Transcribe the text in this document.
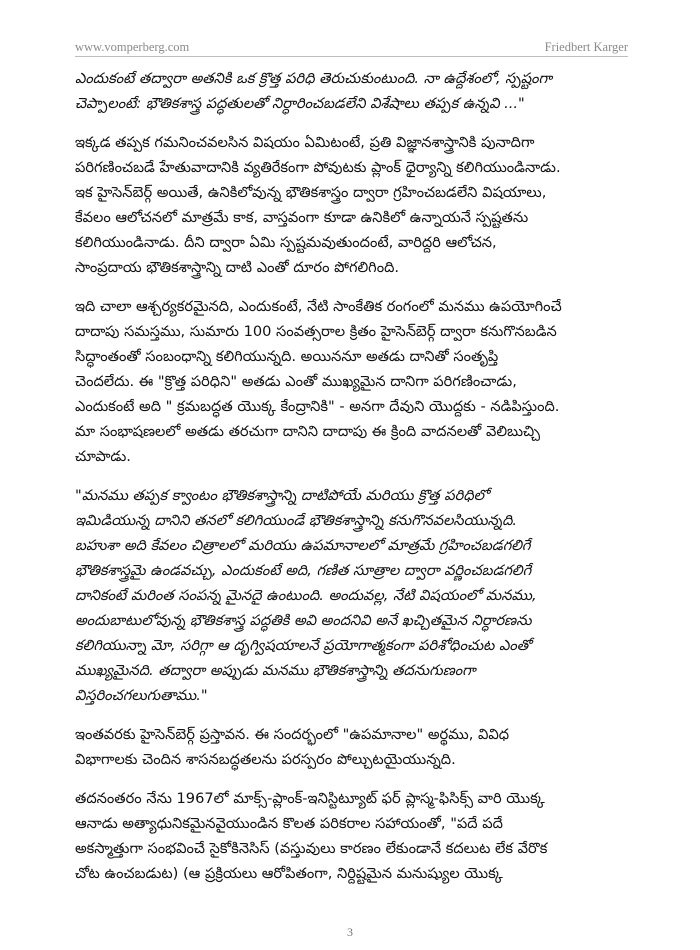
www.vomperberg.com	Friedbert Karger
ఎందుకంటే తద్వారా అతనికి ఒక క్రొత్త పరిధి తెరుచుకుంటుంది. నా ఉద్దేశంలో, స్పష్టంగా
చెప్పాలంటే: భౌతికశాస్త్ర పద్ధతులతో నిర్ధారించబడలేని విశేషాలు తప్పక ఉన్నవి ..."
ఇక్కడ తప్పక గమనించవలసిన విషయం ఏమిటంటే, ప్రతి విజ్ఞానశాస్త్రానికి పునాదిగా
పరిగణించబడే హేతువాదానికి వ్యతిరేకంగా పోవుటకు ప్లాంక్ ధైర్యాన్ని కలిగియుండినాడు.
ఇక హైసెన్‌బెర్గ్ అయితే, ఉనికిలోవున్న భౌతికశాస్త్రం ద్వారా గ్రహించబడలేని విషయాలు,
కేవలం ఆలోచనలో మాత్రమే కాక, వాస్తవంగా కూడా ఉనికిలో ఉన్నాయనే స్పష్టతను
కలిగియుండినాడు. దీని ద్వారా ఏమి స్పష్టమవుతుందంటే, వారిద్దరి ఆలోచన,
సాంప్రదాయ భౌతికశాస్త్రాన్ని దాటి ఎంతో దూరం పోగలిగింది.
ఇది చాలా ఆశ్చర్యకరమైనది, ఎందుకంటే, నేటి సాంకేతిక రంగంలో మనము ఉపయోగించే
దాదాపు సమస్తము, సుమారు 100 సంవత్సరాల క్రితం హైసెన్‌బెర్గ్ ద్వారా కనుగొనబడిన
సిద్ధాంతంతో సంబంధాన్ని కలిగియున్నది. అయిననూ అతడు దానితో సంతృప్తి
చెందలేదు. ఈ "క్రొత్త పరిధిని" అతడు ఎంతో ముఖ్యమైన దానిగా పరిగణించాడు,
ఎందుకంటే అది " క్రమబద్ధత యొక్క కేంద్రానికి" - అనగా దేవుని యొద్దకు - నడిపిస్తుంది.
మా సంభాషణలలో అతడు తరచుగా దానిని దాదాపు ఈ క్రింది వాదనలతో వెలిబుచ్చి
చూపాడు.
"మనము తప్పక క్వాంటం భౌతికశాస్త్రాన్ని దాటిపోయే మరియు క్రొత్త పరిధిలో
ఇమిడియున్న దానిని తనలో కలిగియుండే భౌతికశాస్త్రాన్ని కనుగొనవలసియున్నది.
బహుశా అది కేవలం చిత్రాలలో మరియు ఉపమానాలలో మాత్రమే గ్రహించబడగలిగే
భౌతికశాస్త్రమై ఉండవచ్చు, ఎందుకంటే అది, గణిత సూత్రాల ద్వారా వర్ణించబడగలిగే
దానికంటే మరింత సంపన్న మైనదై ఉంటుంది. అందువల్ల, నేటి విషయంలో మనము,
అందుబాటులోవున్న భౌతికశాస్త్ర పద్ధతికి అవి అందనివి అనే ఖచ్చితమైన నిర్ధారణను
కలిగియున్నా మో, సరిగ్గా ఆ దృగ్విషయాలనే ప్రయోగాత్మకంగా పరిశోధించుట ఎంతో
ముఖ్యమైనది. తద్వారా అప్పుడు మనము భౌతికశాస్త్రాన్ని తదనుగుణంగా
విస్తరించగలుగుతాము."
ఇంతవరకు హైసెన్‌బెర్గ్ ప్రస్తావన. ఈ సందర్భంలో "ఉపమానాల" అర్థము, వివిధ
విభాగాలకు చెందిన శాసనబద్ధతలను పరస్పరం పోల్చుటయైయున్నది.
తదనంతరం నేను 1967లో మాక్స్-ప్లాంక్-ఇనిస్టిట్యూట్ ఫర్ ప్లాస్మ-ఫిసిక్స్ వారి యొక్క
ఆనాడు అత్యాధునికమైనవైయుండిన కొలత పరికరాల సహాయంతో, "పదే పదే
అకస్మాత్తుగా సంభవించే సైకోకినెసిస్ (వస్తువులు కారణం లేకుండానే కదలుట లేక వేరొక
చోట ఉంచబడుట) (ఆ ప్రక్రియలు ఆరోపితంగా, నిర్దిష్టమైన మనుష్యుల యొక్క
3
